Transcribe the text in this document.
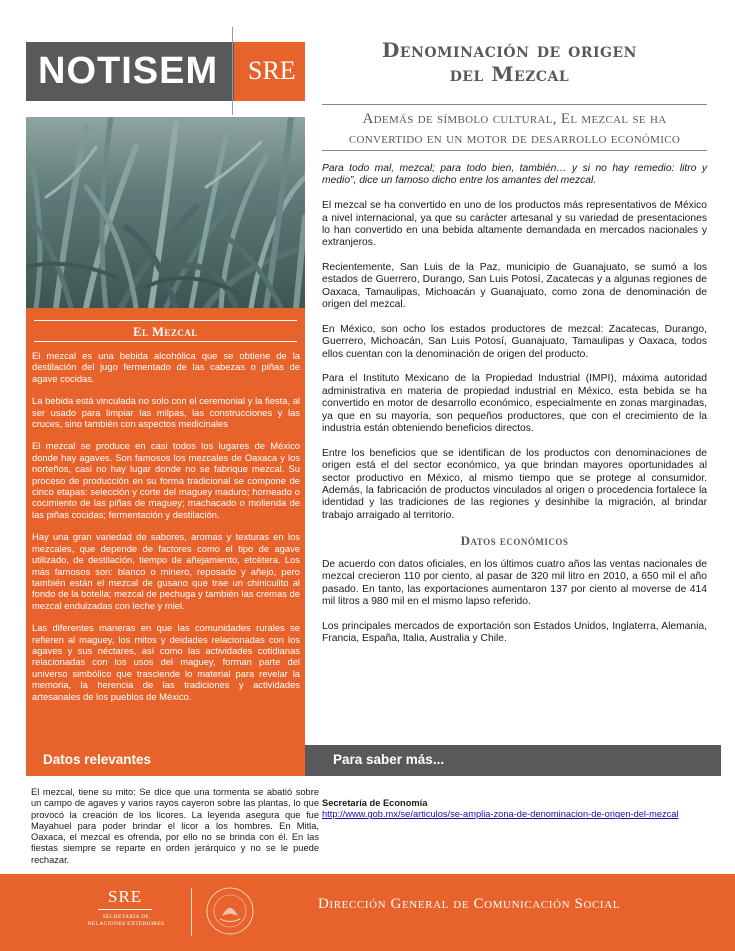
NOTISEM SRE
Denominación de origen
del Mezcal
Además de símbolo cultural, El mezcal se ha
convertido en un motor de desarrollo económico
El Mezcal

El mezcal es una bebida alcohólica que se obtiene de la destilación del jugo fermentado de las cabezas o piñas de agave cocidas.

La bebida está vinculada no solo con el ceremonial y la fiesta, al ser usado para limpiar las milpas, las construcciones y las cruces, sino también con aspectos medicinales

El mezcal se produce en casi todos los lugares de México donde hay agaves. Son famosos los mezcales de Oaxaca y los norteños, casi no hay lugar donde no se fabrique mezcal. Su proceso de producción en su forma tradicional se compone de cinco etapas: selección y corte del maguey maduro; horneado o cocimiento de las piñas de maguey; machacado o molienda de las piñas cocidas; fermentación y destilación.

Hay una gran variedad de sabores, aromas y texturas en los mezcales, que depende de factores como el tipo de agave utilizado, de destilación, tiempo de añejamiento, etcétera. Los más famosos son: blanco o minero, reposado y añejo, pero también están el mezcal de gusano que trae un chiniculito al fondo de la botella; mezcal de pechuga y también las cremas de mezcal endulzadas con leche y miel.

Las diferentes maneras en que las comunidades rurales se refieren al maguey, los mitos y deidades relacionadas con los agaves y sus néctares, así como las actividades cotidianas relacionadas con los usos del maguey, forman parte del universo simbólico que trasciende lo material para revelar la memoria, la herencia de las tradiciones y actividades artesanales de los pueblos de México.

Para todo mal, mezcal; para todo bien, también… y si no hay remedio: litro y medio”, dice un famoso dicho entre los amantes del mezcal.

El mezcal se ha convertido en uno de los productos más representativos de México a nivel internacional, ya que su carácter artesanal y su variedad de presentaciones lo han convertido en una bebida altamente demandada en mercados nacionales y extranjeros.

Recientemente, San Luis de la Paz, municipio de Guanajuato, se sumó a los estados de Guerrero, Durango, San Luis Potosí, Zacatecas y a algunas regiones de Oaxaca, Tamaulipas, Michoacán y Guanajuato, como zona de denominación de origen del mezcal.

En México, son ocho los estados productores de mezcal: Zacatecas, Durango, Guerrero, Michoacán, San Luis Potosí, Guanajuato, Tamaulipas y Oaxaca, todos ellos cuentan con la denominación de origen del producto.

Para el Instituto Mexicano de la Propiedad Industrial (IMPI), máxima autoridad administrativa en materia de propiedad industrial en México, esta bebida se ha convertido en motor de desarrollo económico, especialmente en zonas marginadas, ya que en su mayoría, son pequeños productores, que con el crecimiento de la industria están obteniendo beneficios directos.

Entre los beneficios que se identifican de los productos con denominaciones de origen está el del sector económico, ya que brindan mayores oportunidades al sector productivo en México, al mismo tiempo que se protege al consumidor. Además, la fabricación de productos vinculados al origen o procedencia fortalece la identidad y las tradiciones de las regiones y desinhibe la migración, al brindar trabajo arraigado al territorio.

Datos económicos

De acuerdo con datos oficiales, en los últimos cuatro años las ventas nacionales de mezcal crecieron 110 por ciento, al pasar de 320 mil litro en 2010, a 650 mil el año pasado. En tanto, las exportaciones aumentaron 137 por ciento al moverse de 414 mil litros a 980 mil en el mismo lapso referido.

Los principales mercados de exportación son Estados Unidos, Inglaterra, Alemania, Francia, España, Italia, Australia y Chile.

Datos relevantes	Para saber más...
El mezcal, tiene su mito: Se dice que una tormenta se abatió sobre un campo de agaves y varios rayos cayeron sobre las plantas, lo que provocó la creación de los licores. La leyenda asegura que fue Mayahuel para poder brindar el licor a los hombres. En Mitla, Oaxaca, el mezcal es ofrenda, por ello no se brinda con él. En las fiestas siempre se reparte en orden jerárquico y no se le puede rechazar.
Secretaría de Economía
http://www.gob.mx/se/articulos/se-amplia-zona-de-denominacion-de-origen-del-mezcal
SRE
SECRETARÍA DE RELACIONES EXTERIORES
Dirección General de Comunicación Social
